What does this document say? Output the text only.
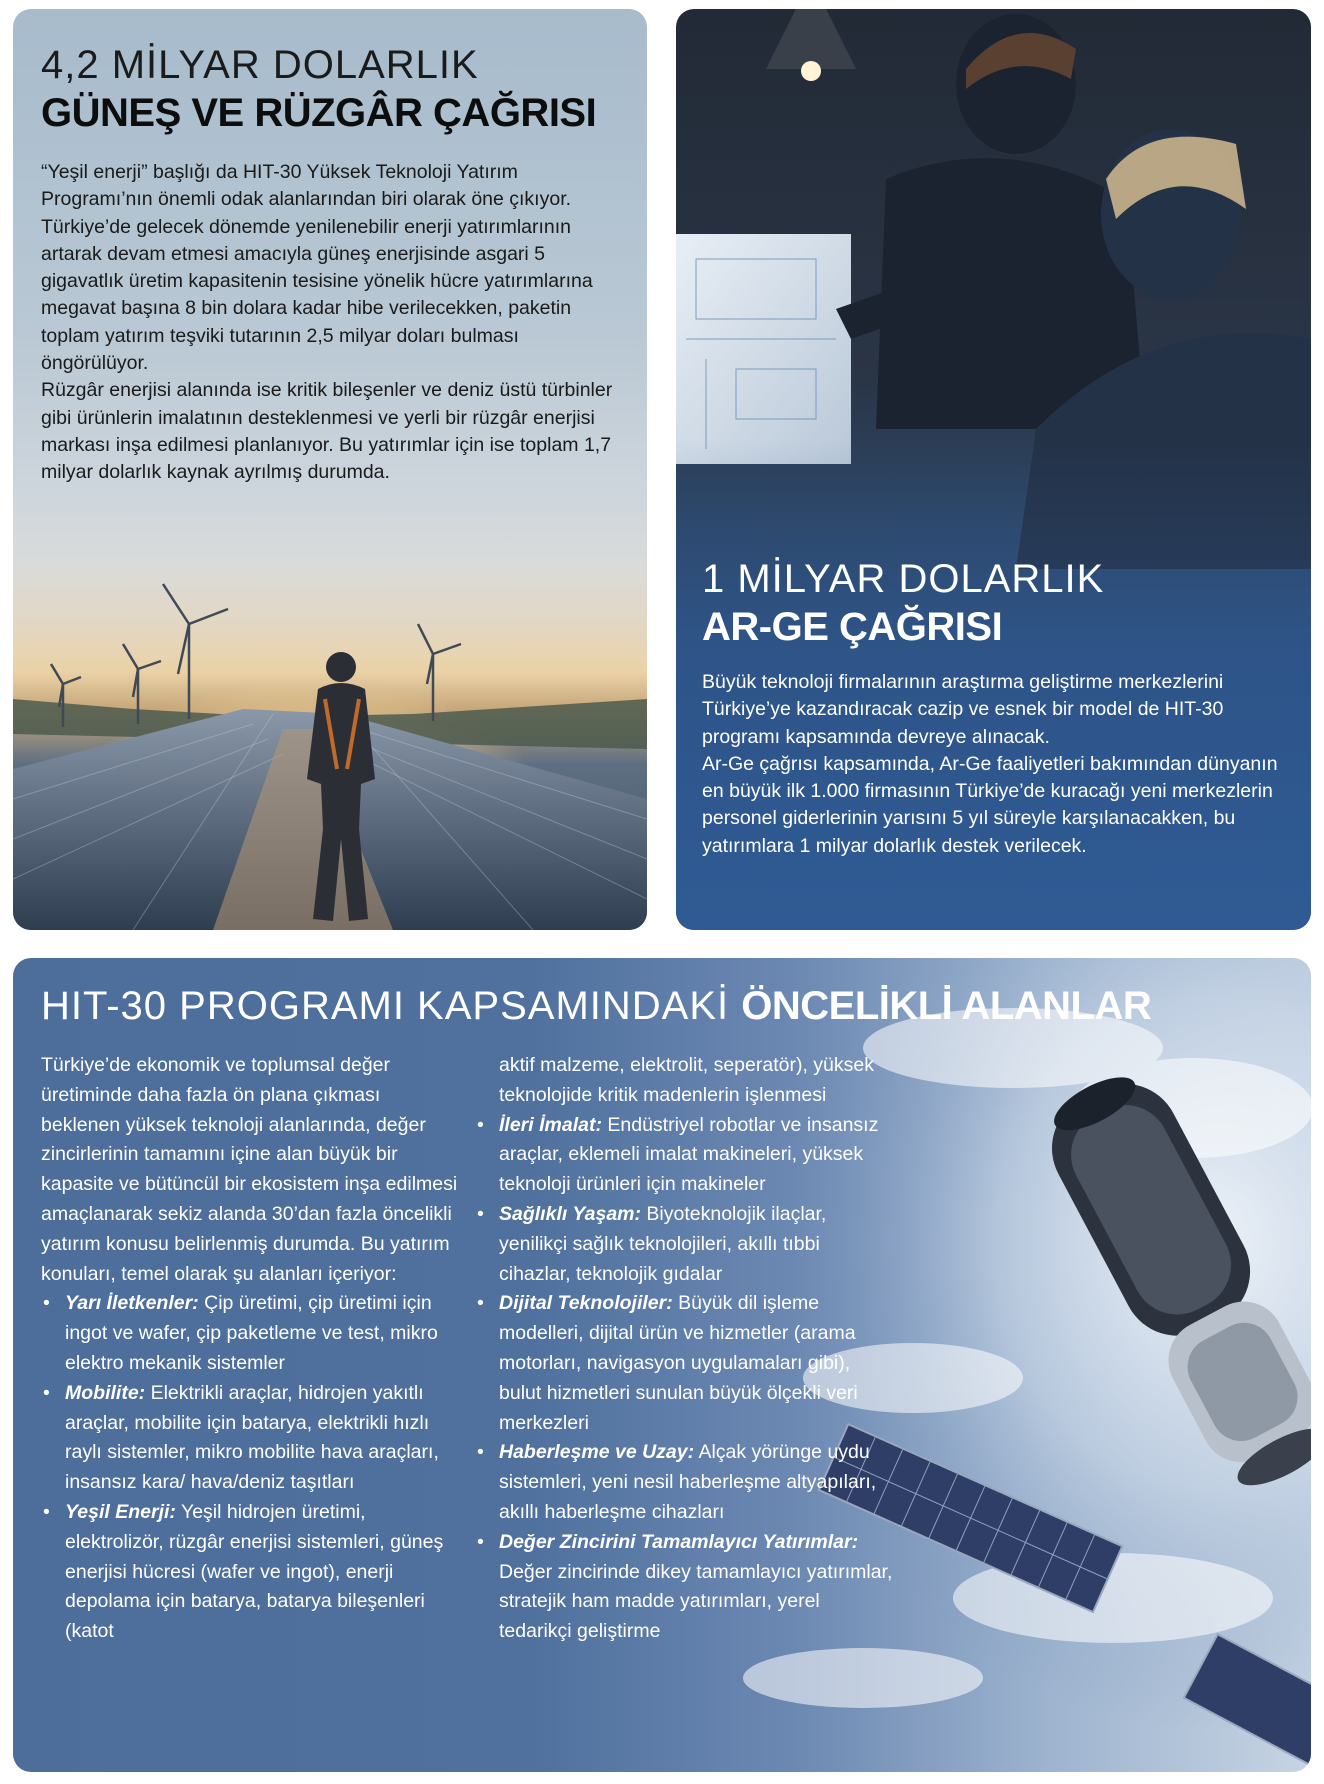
4,2 MİLYAR DOLARLIK
GÜNEŞ VE RÜZGÂR ÇAĞRISI

“Yeşil enerji” başlığı da HIT-30 Yüksek Teknoloji Yatırım Programı’nın önemli odak alanlarından biri olarak öne çıkıyor.

Türkiye’de gelecek dönemde yenilenebilir enerji yatırımlarının artarak devam etmesi amacıyla güneş enerjisinde asgari 5 gigavatlık üretim kapasitenin tesisine yönelik hücre yatırımlarına megavat başına 8 bin dolara kadar hibe verilecekken, paketin toplam yatırım teşviki tutarının 2,5 milyar doları bulması öngörülüyor.

Rüzgâr enerjisi alanında ise kritik bileşenler ve deniz üstü türbinler gibi ürünlerin imalatının desteklenmesi ve yerli bir rüzgâr enerjisi markası inşa edilmesi planlanıyor. Bu yatırımlar için ise toplam 1,7 milyar dolarlık kaynak ayrılmış durumda.

1 MİLYAR DOLARLIK
AR-GE ÇAĞRISI

Büyük teknoloji firmalarının araştırma geliştirme merkezlerini Türkiye’ye kazandıracak cazip ve esnek bir model de HIT-30 programı kapsamında devreye alınacak.

Ar-Ge çağrısı kapsamında, Ar-Ge faaliyetleri bakımından dünyanın en büyük ilk 1.000 firmasının Türkiye’de kuracağı yeni merkezlerin personel giderlerinin yarısını 5 yıl süreyle karşılanacakken, bu yatırımlara 1 milyar dolarlık destek verilecek.

HIT-30 PROGRAMI KAPSAMINDAKİ ÖNCELİKLİ ALANLAR

Türkiye’de ekonomik ve toplumsal değer üretiminde daha fazla ön plana çıkması beklenen yüksek teknoloji alanlarında, değer zincirlerinin tamamını içine alan büyük bir kapasite ve bütüncül bir ekosistem inşa edilmesi amaçlanarak sekiz alanda 30’dan fazla öncelikli yatırım konusu belirlenmiş durumda. Bu yatırım konuları, temel olarak şu alanları içeriyor:

• Yarı İletkenler: Çip üretimi, çip üretimi için ingot ve wafer, çip paketleme ve test, mikro elektro mekanik sistemler

• Mobilite: Elektrikli araçlar, hidrojen yakıtlı araçlar, mobilite için batarya, elektrikli hızlı raylı sistemler, mikro mobilite hava araçları, insansız kara/ hava/deniz taşıtları

• Yeşil Enerji: Yeşil hidrojen üretimi, elektrolizör, rüzgâr enerjisi sistemleri, güneş enerjisi hücresi (wafer ve ingot), enerji depolama için batarya, batarya bileşenleri (katot

aktif malzeme, elektrolit, seperatör), yüksek teknolojide kritik madenlerin işlenmesi

• İleri İmalat: Endüstriyel robotlar ve insansız araçlar, eklemeli imalat makineleri, yüksek teknoloji ürünleri için makineler

• Sağlıklı Yaşam: Biyoteknolojik ilaçlar, yenilikçi sağlık teknolojileri, akıllı tıbbi cihazlar, teknolojik gıdalar

• Dijital Teknolojiler: Büyük dil işleme modelleri, dijital ürün ve hizmetler (arama motorları, navigasyon uygulamaları gibi), bulut hizmetleri sunulan büyük ölçekli veri merkezleri

• Haberleşme ve Uzay: Alçak yörünge uydu sistemleri, yeni nesil haberleşme altyapıları, akıllı haberleşme cihazları

• Değer Zincirini Tamamlayıcı Yatırımlar: Değer zincirinde dikey tamamlayıcı yatırımlar, stratejik ham madde yatırımları, yerel tedarikçi geliştirme
